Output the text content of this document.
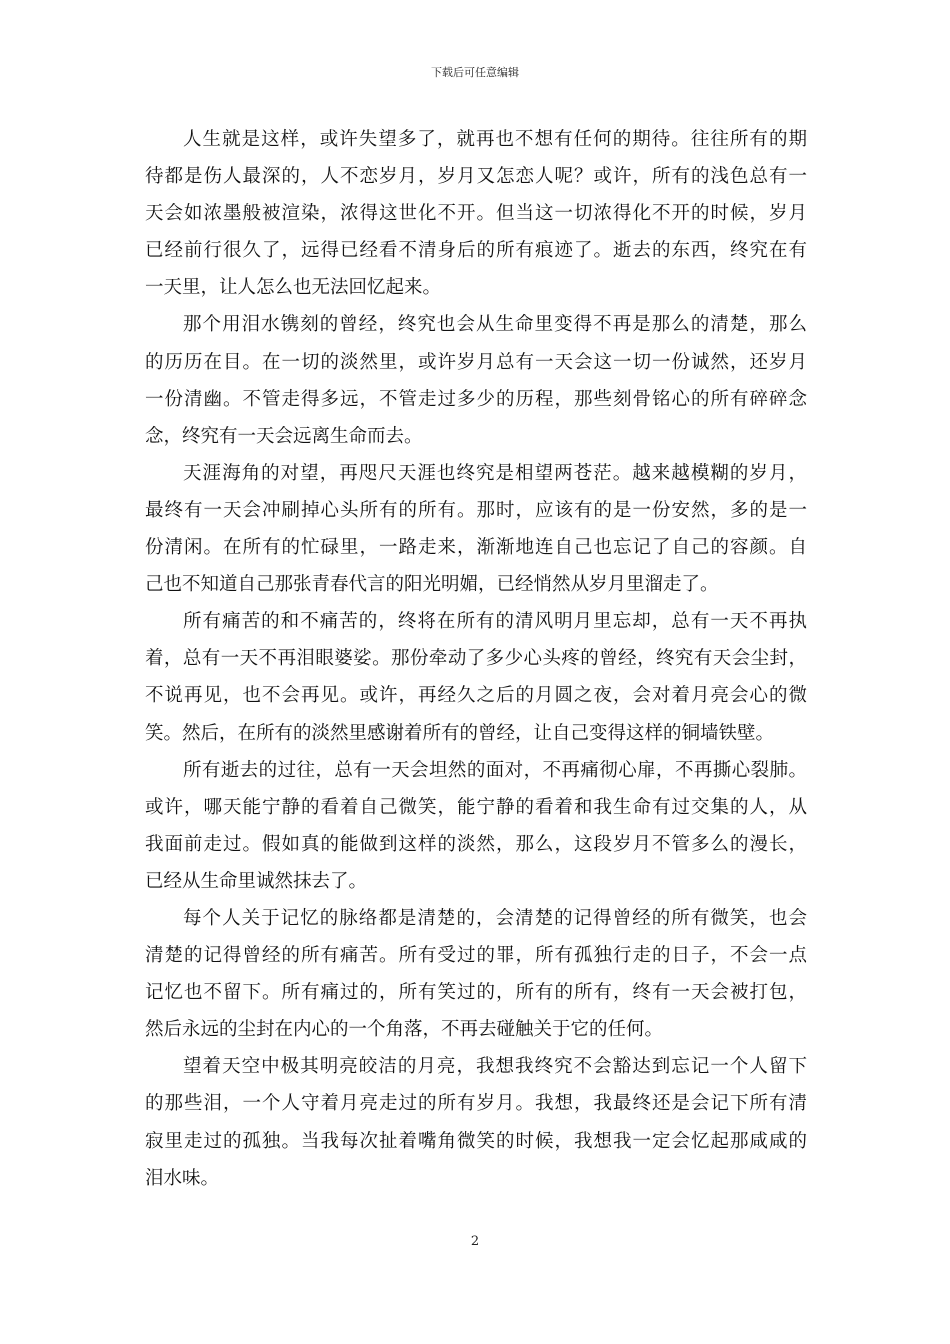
下载后可任意编辑
人生就是这样，或许失望多了，就再也不想有任何的期待。往往所有的期
待都是伤人最深的，人不恋岁月，岁月又怎恋人呢？或许，所有的浅色总有一
天会如浓墨般被渲染，浓得这世化不开。但当这一切浓得化不开的时候，岁月
已经前行很久了，远得已经看不清身后的所有痕迹了。逝去的东西，终究在有
一天里，让人怎么也无法回忆起来。
那个用泪水镌刻的曾经，终究也会从生命里变得不再是那么的清楚，那么
的历历在目。在一切的淡然里，或许岁月总有一天会这一切一份诚然，还岁月
一份清幽。不管走得多远，不管走过多少的历程，那些刻骨铭心的所有碎碎念
念，终究有一天会远离生命而去。
天涯海角的对望，再咫尺天涯也终究是相望两苍茫。越来越模糊的岁月，
最终有一天会冲刷掉心头所有的所有。那时，应该有的是一份安然，多的是一
份清闲。在所有的忙碌里，一路走来，渐渐地连自己也忘记了自己的容颜。自
己也不知道自己那张青春代言的阳光明媚，已经悄然从岁月里溜走了。
所有痛苦的和不痛苦的，终将在所有的清风明月里忘却，总有一天不再执
着，总有一天不再泪眼婆娑。那份牵动了多少心头疼的曾经，终究有天会尘封，
不说再见，也不会再见。或许，再经久之后的月圆之夜，会对着月亮会心的微
笑。然后，在所有的淡然里感谢着所有的曾经，让自己变得这样的铜墙铁壁。
所有逝去的过往，总有一天会坦然的面对，不再痛彻心扉，不再撕心裂肺。
或许，哪天能宁静的看着自己微笑，能宁静的看着和我生命有过交集的人，从
我面前走过。假如真的能做到这样的淡然，那么，这段岁月不管多么的漫长，
已经从生命里诚然抹去了。
每个人关于记忆的脉络都是清楚的，会清楚的记得曾经的所有微笑，也会
清楚的记得曾经的所有痛苦。所有受过的罪，所有孤独行走的日子，不会一点
记忆也不留下。所有痛过的，所有笑过的，所有的所有，终有一天会被打包，
然后永远的尘封在内心的一个角落，不再去碰触关于它的任何。
望着天空中极其明亮皎洁的月亮，我想我终究不会豁达到忘记一个人留下
的那些泪，一个人守着月亮走过的所有岁月。我想，我最终还是会记下所有清
寂里走过的孤独。当我每次扯着嘴角微笑的时候，我想我一定会忆起那咸咸的
泪水味。
2
